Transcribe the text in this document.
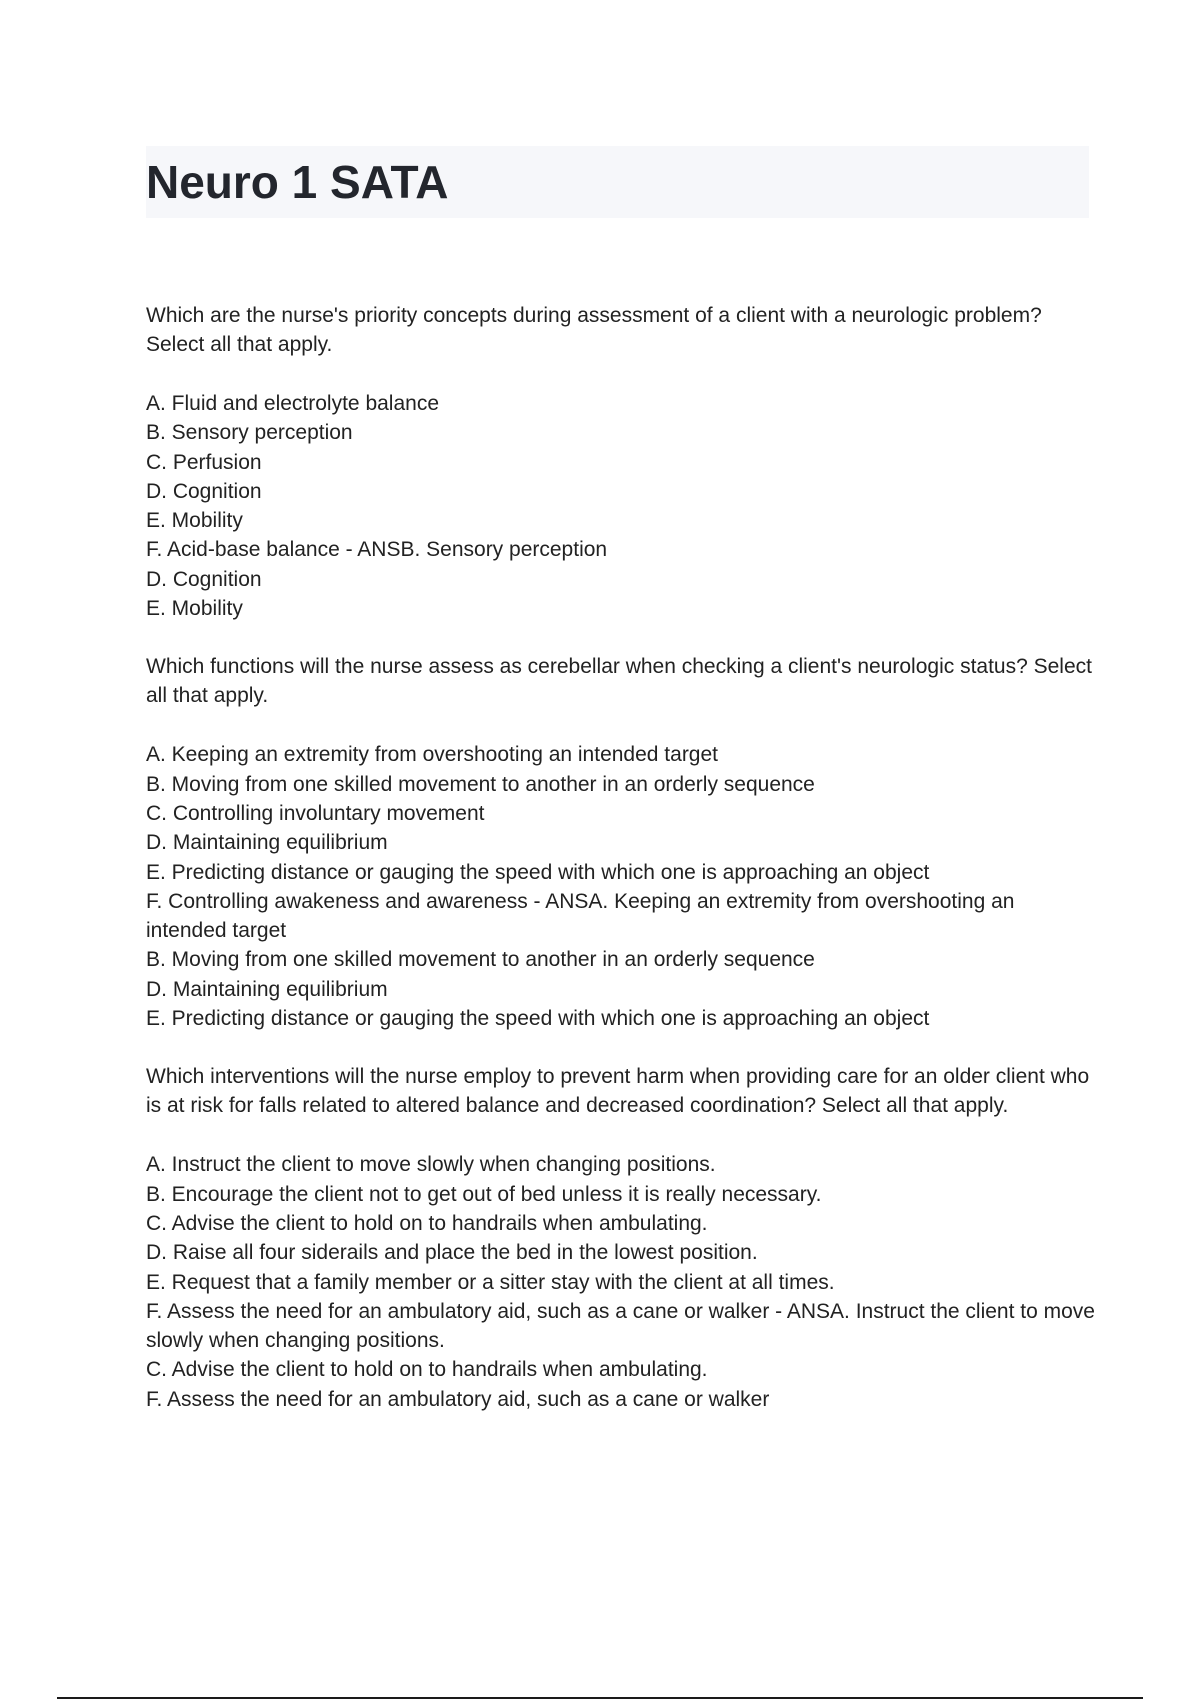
Neuro 1 SATA

Which are the nurse's priority concepts during assessment of a client with a neurologic problem? Select all that apply.

A. Fluid and electrolyte balance
B. Sensory perception
C. Perfusion
D. Cognition
E. Mobility
F. Acid-base balance - ANSB. Sensory perception
D. Cognition
E. Mobility

Which functions will the nurse assess as cerebellar when checking a client's neurologic status? Select all that apply.

A. Keeping an extremity from overshooting an intended target
B. Moving from one skilled movement to another in an orderly sequence
C. Controlling involuntary movement
D. Maintaining equilibrium
E. Predicting distance or gauging the speed with which one is approaching an object
F. Controlling awakeness and awareness - ANSA. Keeping an extremity from overshooting an intended target
B. Moving from one skilled movement to another in an orderly sequence
D. Maintaining equilibrium
E. Predicting distance or gauging the speed with which one is approaching an object

Which interventions will the nurse employ to prevent harm when providing care for an older client who is at risk for falls related to altered balance and decreased coordination? Select all that apply.

A. Instruct the client to move slowly when changing positions.
B. Encourage the client not to get out of bed unless it is really necessary.
C. Advise the client to hold on to handrails when ambulating.
D. Raise all four siderails and place the bed in the lowest position.
E. Request that a family member or a sitter stay with the client at all times.
F. Assess the need for an ambulatory aid, such as a cane or walker - ANSA. Instruct the client to move slowly when changing positions.
C. Advise the client to hold on to handrails when ambulating.
F. Assess the need for an ambulatory aid, such as a cane or walker
